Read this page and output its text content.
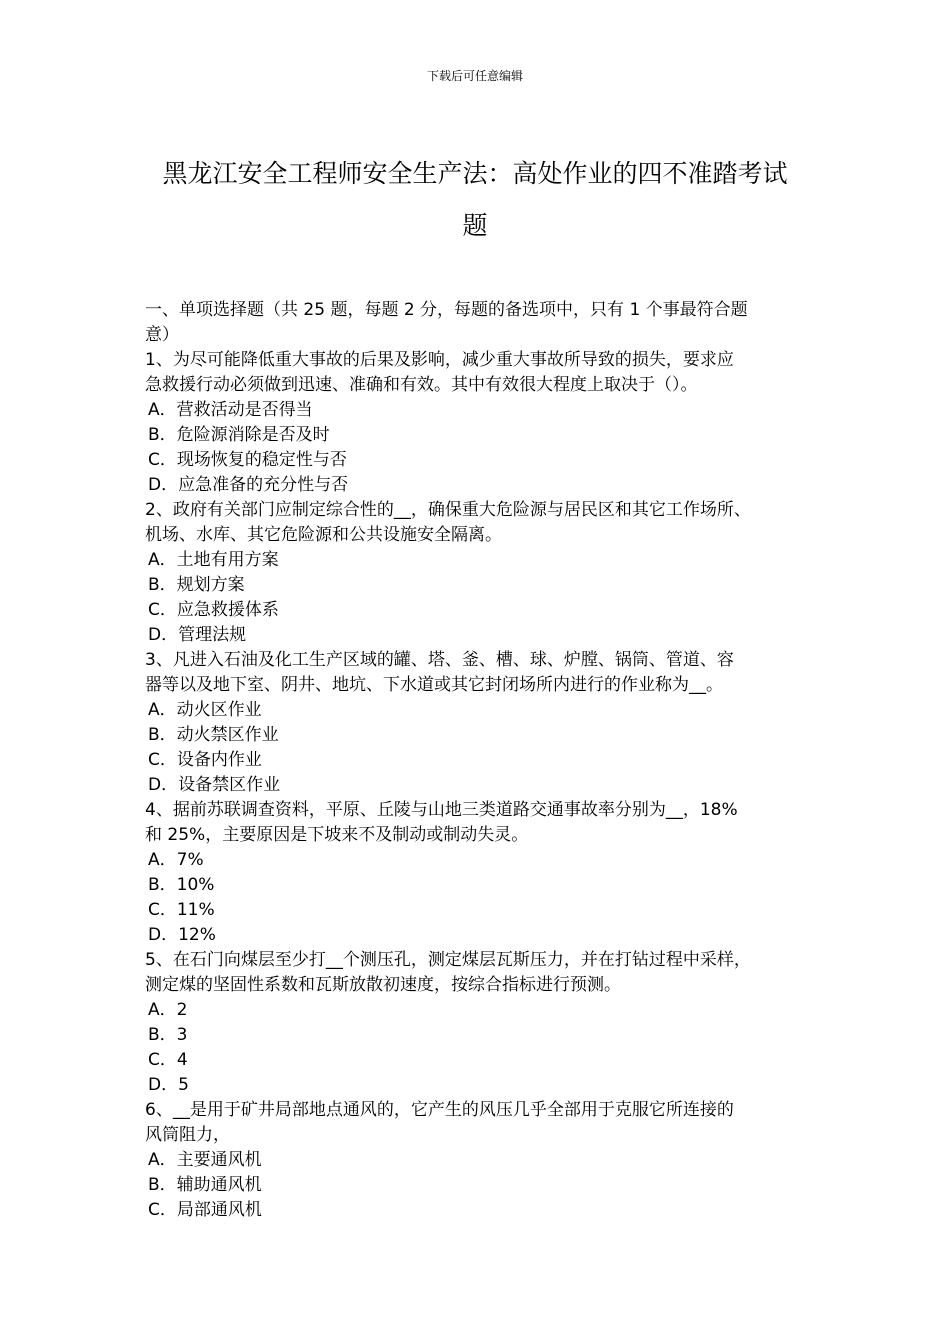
下载后可任意编辑
黑龙江安全工程师安全生产法：高处作业的四不准踏考试
题
一、单项选择题（共 25 题，每题 2 分，每题的备选项中，只有 1 个事最符合题
意）
1、为尽可能降低重大事故的后果及影响，减少重大事故所导致的损失，要求应
急救援行动必须做到迅速、准确和有效。其中有效很大程度上取决于（）。
A．营救活动是否得当
B．危险源消除是否及时
C．现场恢复的稳定性与否
D．应急准备的充分性与否
2、政府有关部门应制定综合性的__，确保重大危险源与居民区和其它工作场所、
机场、水库、其它危险源和公共设施安全隔离。
A．土地有用方案
B．规划方案
C．应急救援体系
D．管理法规
3、凡进入石油及化工生产区域的罐、塔、釜、槽、球、炉膛、锅筒、管道、容
器等以及地下室、阴井、地坑、下水道或其它封闭场所内进行的作业称为__。
A．动火区作业
B．动火禁区作业
C．设备内作业
D．设备禁区作业
4、据前苏联调查资料，平原、丘陵与山地三类道路交通事故率分别为__，18%
和 25%，主要原因是下坡来不及制动或制动失灵。
A．7%
B．10%
C．11%
D．12%
5、在石门向煤层至少打__个测压孔，测定煤层瓦斯压力，并在打钻过程中采样，
测定煤的坚固性系数和瓦斯放散初速度，按综合指标进行预测。
A．2
B．3
C．4
D．5
6、__是用于矿井局部地点通风的，它产生的风压几乎全部用于克服它所连接的
风筒阻力，
A．主要通风机
B．辅助通风机
C．局部通风机
